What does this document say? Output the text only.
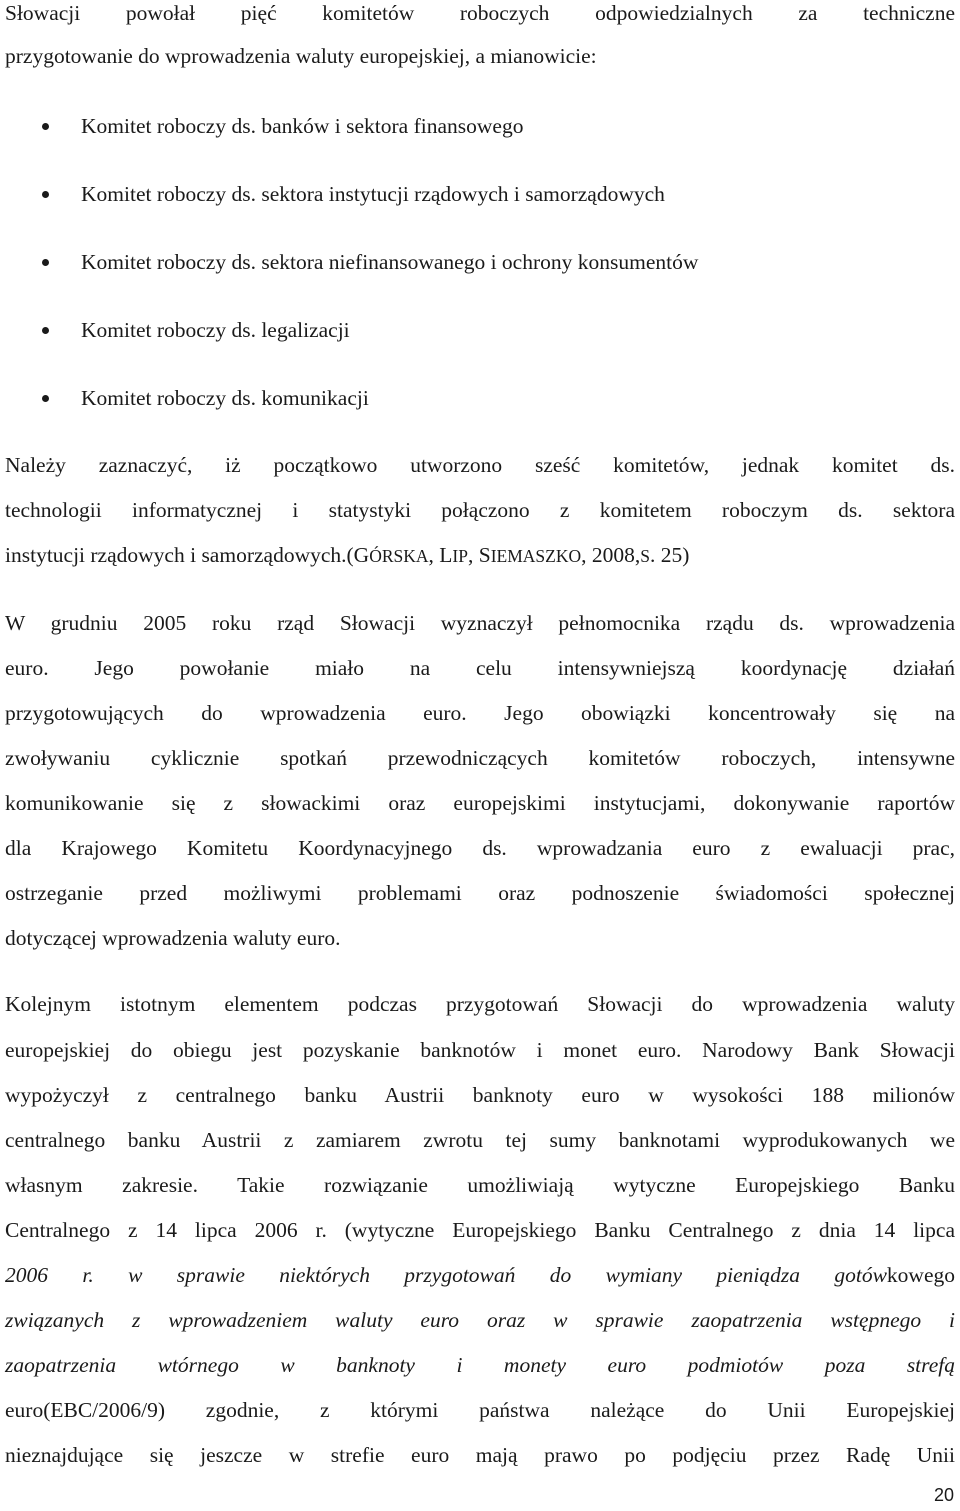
Słowacji powołał pięć komitetów roboczych odpowiedzialnych za techniczne
przygotowanie do wprowadzenia waluty europejskiej, a mianowicie:
Komitet roboczy ds. banków i sektora finansowego
Komitet roboczy ds. sektora instytucji rządowych i samorządowych
Komitet roboczy ds. sektora niefinansowanego i ochrony konsumentów
Komitet roboczy ds. legalizacji
Komitet roboczy ds. komunikacji
Należy zaznaczyć, iż początkowo utworzono sześć komitetów, jednak komitet ds.
technologii informatycznej i statystyki połączono z komitetem roboczym ds. sektora
instytucji rządowych i samorządowych.(GÓRSKA, LIP, SIEMASZKO, 2008,S. 25)
W grudniu 2005 roku rząd Słowacji wyznaczył pełnomocnika rządu ds. wprowadzenia
euro. Jego powołanie miało na celu intensywniejszą koordynację działań
przygotowujących do wprowadzenia euro. Jego obowiązki koncentrowały się na
zwoływaniu cyklicznie spotkań przewodniczących komitetów roboczych, intensywne
komunikowanie się z słowackimi oraz europejskimi instytucjami, dokonywanie raportów
dla Krajowego Komitetu Koordynacyjnego ds. wprowadzania euro z ewaluacji prac,
ostrzeganie przed możliwymi problemami oraz podnoszenie świadomości społecznej
dotyczącej wprowadzenia waluty euro.
Kolejnym istotnym elementem podczas przygotowań Słowacji do wprowadzenia waluty
europejskiej do obiegu jest pozyskanie banknotów i monet euro. Narodowy Bank Słowacji
wypożyczył z centralnego banku Austrii banknoty euro w wysokości 188 milionów
centralnego banku Austrii z zamiarem zwrotu tej sumy banknotami wyprodukowanych we
własnym zakresie. Takie rozwiązanie umożliwiają wytyczne Europejskiego Banku
Centralnego z 14 lipca 2006 r. (wytyczne Europejskiego Banku Centralnego z dnia 14 lipca
2006 r. w sprawie niektórych przygotowań do wymiany pieniądza gotówkowego
związanych z wprowadzeniem waluty euro oraz w sprawie zaopatrzenia wstępnego i
zaopatrzenia wtórnego w banknoty i monety euro podmiotów poza strefą
euro(EBC/2006/9) zgodnie, z którymi państwa należące do Unii Europejskiej
nieznajdujące się jeszcze w strefie euro mają prawo po podjęciu przez Radę Unii
20
